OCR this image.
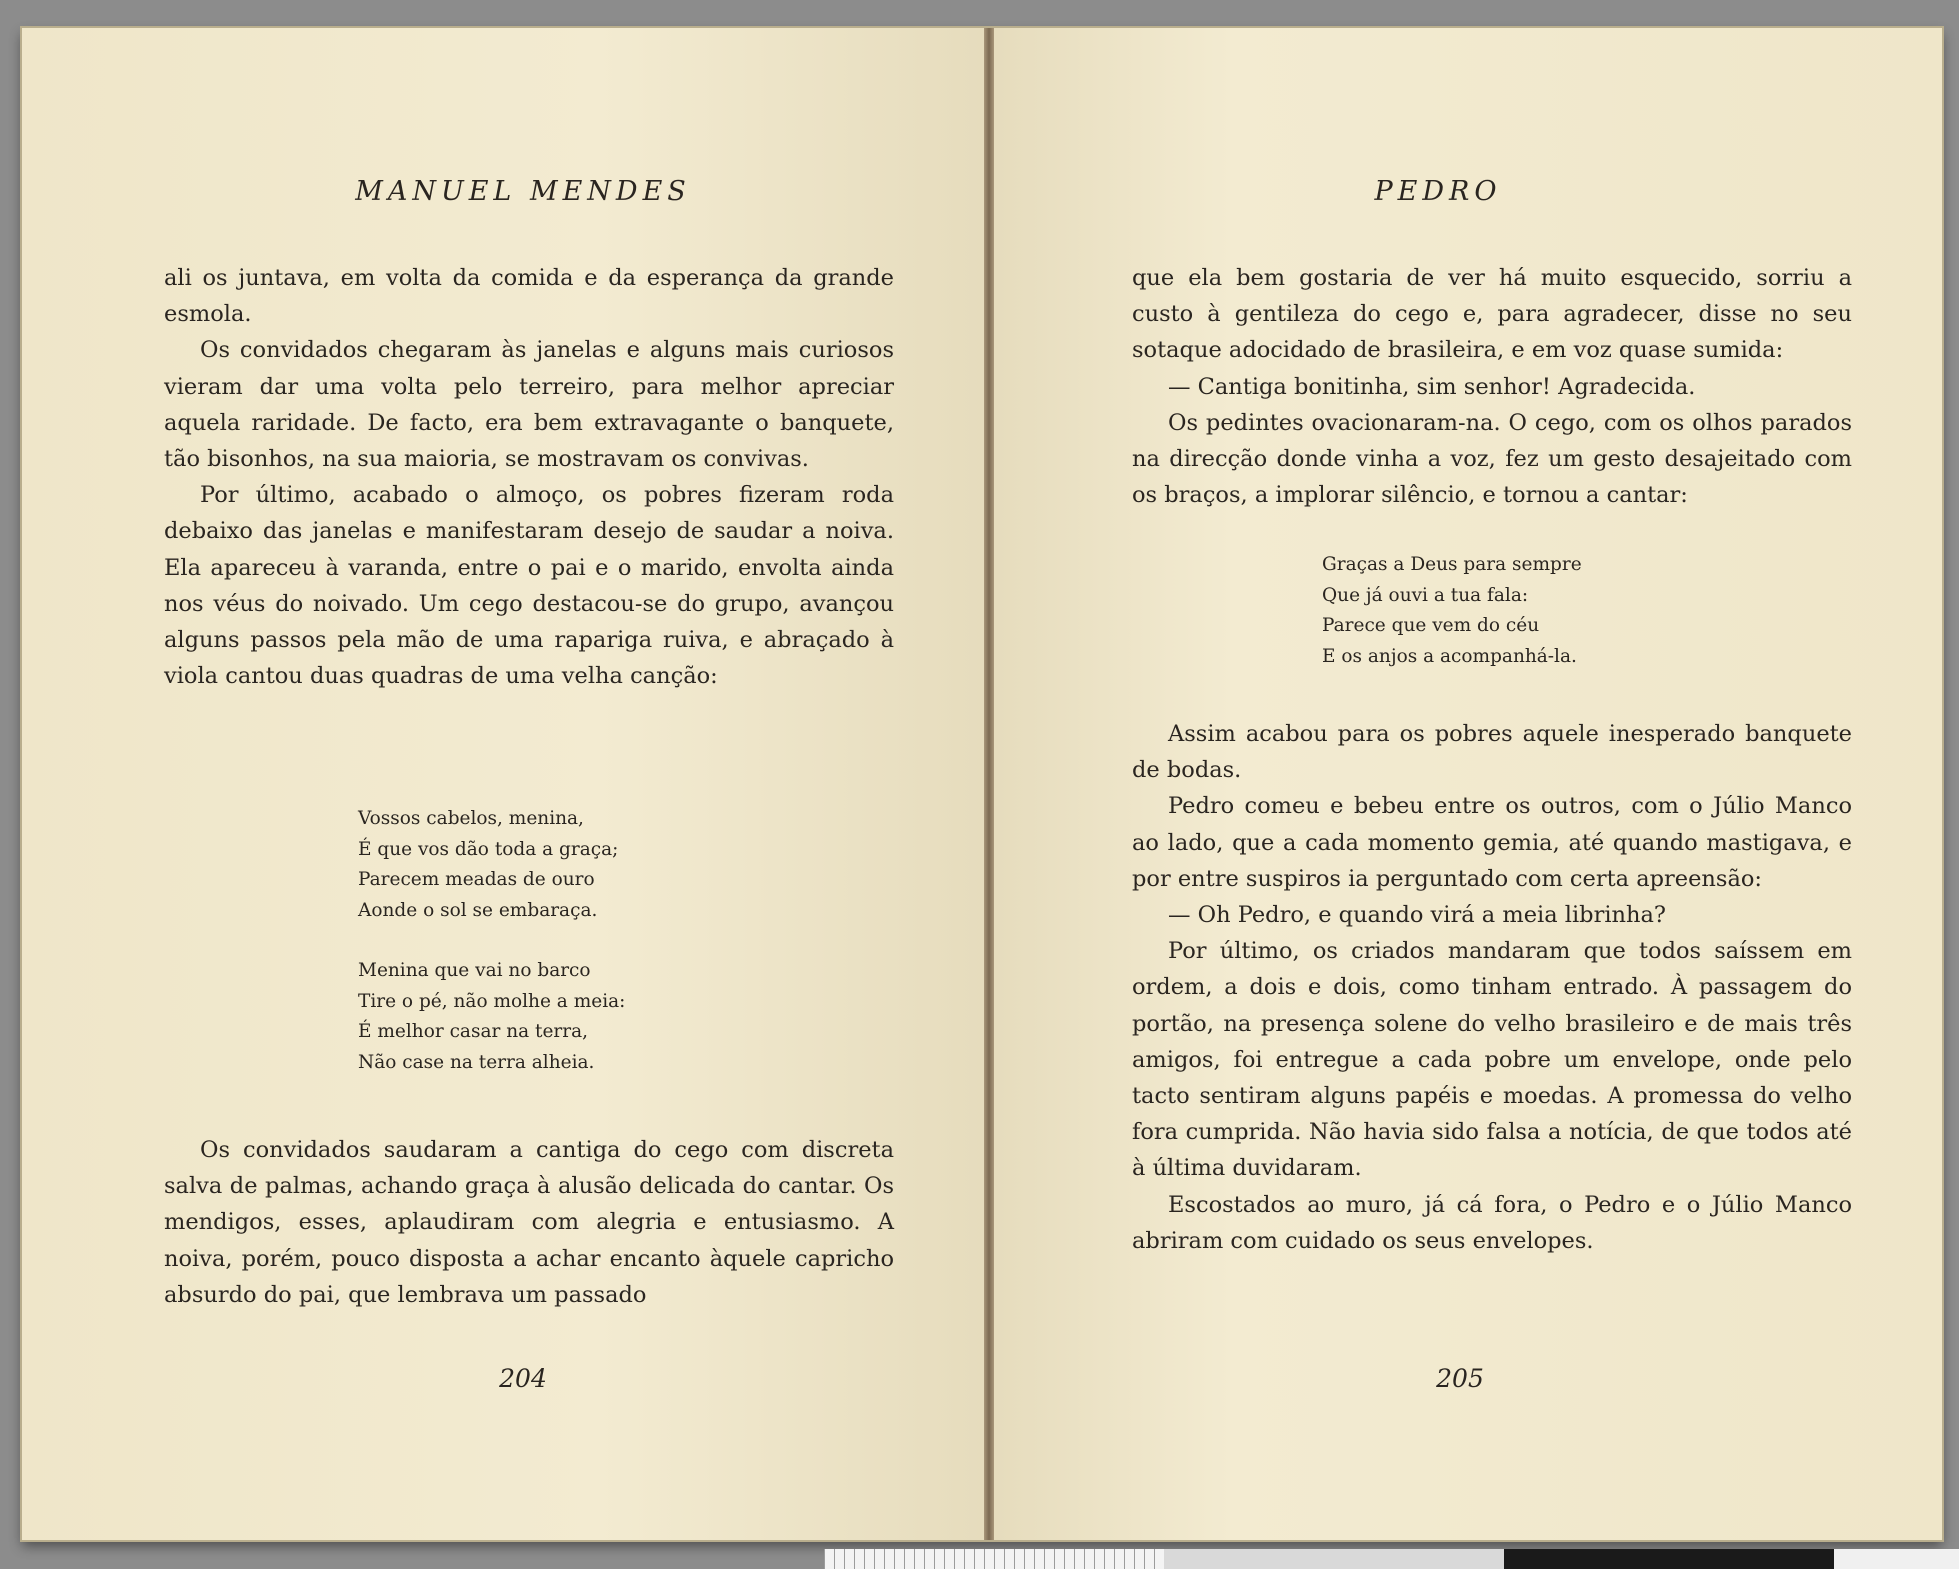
MANUEL MENDES

ali os juntava, em volta da comida e da esperança da grande esmola.

Os convidados chegaram às janelas e alguns mais curiosos vieram dar uma volta pelo terreiro, para melhor apreciar aquela raridade. De facto, era bem extravagante o banquete, tão bisonhos, na sua maioria, se mostravam os convivas.

Por último, acabado o almoço, os pobres fizeram roda debaixo das janelas e manifestaram desejo de saudar a noiva. Ela apareceu à varanda, entre o pai e o marido, envolta ainda nos véus do noivado. Um cego destacou-se do grupo, avançou alguns passos pela mão de uma rapariga ruiva, e abraçado à viola cantou duas quadras de uma velha canção:

Vossos cabelos, menina,
É que vos dão toda a graça;
Parecem meadas de ouro
Aonde o sol se embaraça.
Menina que vai no barco
Tire o pé, não molhe a meia:
É melhor casar na terra,
Não case na terra alheia.

Os convidados saudaram a cantiga do cego com discreta salva de palmas, achando graça à alusão delicada do cantar. Os mendigos, esses, aplaudiram com alegria e entusiasmo. A noiva, porém, pouco disposta a achar encanto àquele capricho absurdo do pai, que lembrava um passado

204
PEDRO

que ela bem gostaria de ver há muito esquecido, sorriu a custo à gentileza do cego e, para agradecer, disse no seu sotaque adocidado de brasileira, e em voz quase sumida:

— Cantiga bonitinha, sim senhor! Agradecida.

Os pedintes ovacionaram-na. O cego, com os olhos parados na direcção donde vinha a voz, fez um gesto desajeitado com os braços, a implorar silêncio, e tornou a cantar:

Graças a Deus para sempre
Que já ouvi a tua fala:
Parece que vem do céu
E os anjos a acompanhá-la.

Assim acabou para os pobres aquele inesperado banquete de bodas.

Pedro comeu e bebeu entre os outros, com o Júlio Manco ao lado, que a cada momento gemia, até quando mastigava, e por entre suspiros ia perguntado com certa apreensão:

— Oh Pedro, e quando virá a meia librinha?

Por último, os criados mandaram que todos saíssem em ordem, a dois e dois, como tinham entrado. À passagem do portão, na presença solene do velho brasileiro e de mais três amigos, foi entregue a cada pobre um envelope, onde pelo tacto sentiram alguns papéis e moedas. A promessa do velho fora cumprida. Não havia sido falsa a notícia, de que todos até à última duvidaram.

Escostados ao muro, já cá fora, o Pedro e o Júlio Manco abriram com cuidado os seus envelopes.

205
